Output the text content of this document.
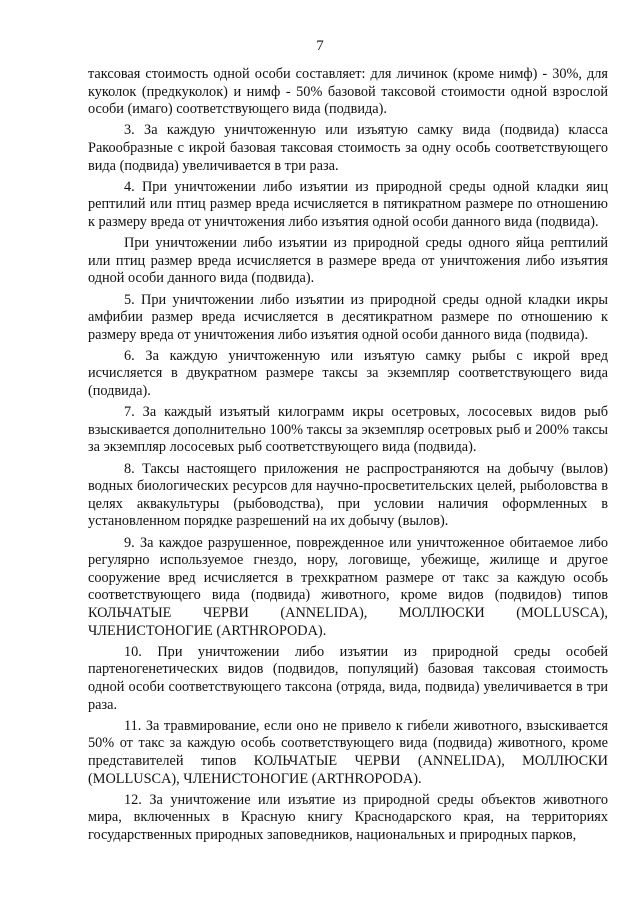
7

таксовая стоимость одной особи составляет: для личинок (кроме нимф) - 30%, для куколок (предкуколок) и нимф - 50% базовой таксовой стоимости одной взрослой особи (имаго) соответствующего вида (подвида).

3. За каждую уничтоженную или изъятую самку вида (подвида) класса Ракообразные с икрой базовая таксовая стоимость за одну особь соответствующего вида (подвида) увеличивается в три раза.

4. При уничтожении либо изъятии из природной среды одной кладки яиц рептилий или птиц размер вреда исчисляется в пятикратном размере по отношению к размеру вреда от уничтожения либо изъятия одной особи данного вида (подвида).

При уничтожении либо изъятии из природной среды одного яйца рептилий или птиц размер вреда исчисляется в размере вреда от уничтожения либо изъятия одной особи данного вида (подвида).

5. При уничтожении либо изъятии из природной среды одной кладки икры амфибии размер вреда исчисляется в десятикратном размере по отношению к размеру вреда от уничтожения либо изъятия одной особи данного вида (подвида).

6. За каждую уничтоженную или изъятую самку рыбы с икрой вред исчисляется в двукратном размере таксы за экземпляр соответствующего вида (подвида).

7. За каждый изъятый килограмм икры осетровых, лососевых видов рыб взыскивается дополнительно 100% таксы за экземпляр осетровых рыб и 200% таксы за экземпляр лососевых рыб соответствующего вида (подвида).

8. Таксы настоящего приложения не распространяются на добычу (вылов) водных биологических ресурсов для научно-просветительских целей, рыболовства в целях аквакультуры (рыбоводства), при условии наличия оформленных в установленном порядке разрешений на их добычу (вылов).

9. За каждое разрушенное, поврежденное или уничтоженное обитаемое либо регулярно используемое гнездо, нору, логовище, убежище, жилище и другое сооружение вред исчисляется в трехкратном размере от такс за каждую особь соответствующего вида (подвида) животного, кроме видов (подвидов) типов КОЛЬЧАТЫЕ ЧЕРВИ (ANNELIDA), МОЛЛЮСКИ (MOLLUSCA), ЧЛЕНИСТОНОГИЕ (ARTHROPODA).

10. При уничтожении либо изъятии из природной среды особей партеногенетических видов (подвидов, популяций) базовая таксовая стоимость одной особи соответствующего таксона (отряда, вида, подвида) увеличивается в три раза.

11. За травмирование, если оно не привело к гибели животного, взыскивается 50% от такс за каждую особь соответствующего вида (подвида) животного, кроме представителей типов КОЛЬЧАТЫЕ ЧЕРВИ (ANNELIDA), МОЛЛЮСКИ (MOLLUSCA), ЧЛЕНИСТОНОГИЕ (ARTHROPODA).

12. За уничтожение или изъятие из природной среды объектов животного мира, включенных в Красную книгу Краснодарского края, на территориях государственных природных заповедников, национальных и природных парков,
